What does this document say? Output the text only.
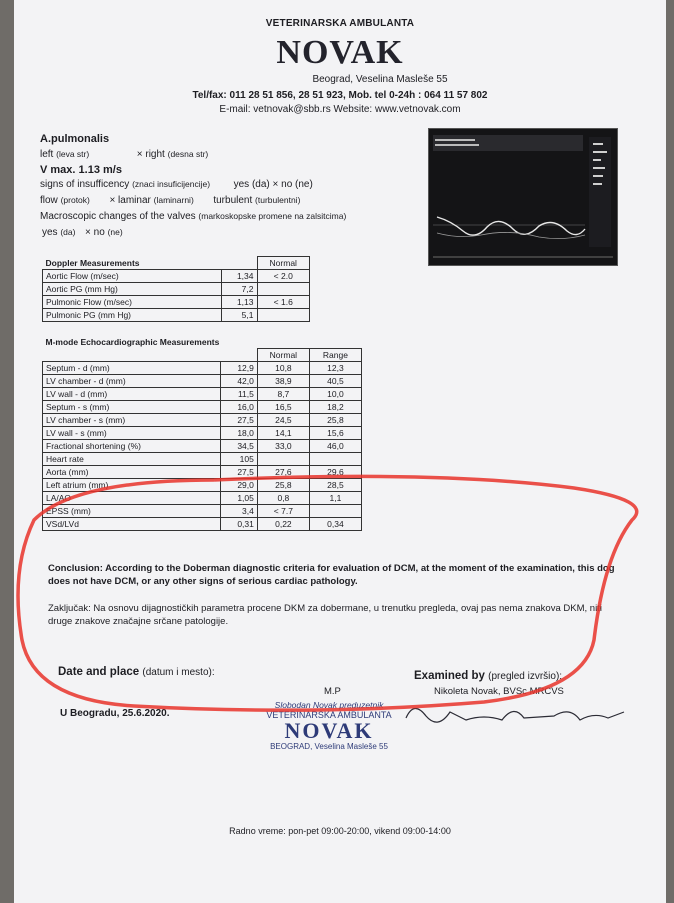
VETERINARSKA AMBULANTA
NOVAK
Beograd, Veselina Masleše 55
Tel/fax: 011 28 51 856, 28 51 923, Mob. tel 0-24h : 064 11 57 802
E-mail: vetnovak@sbb.rs Website: www.vetnovak.com
A.pulmonalis
left (leva str)	× right (desna str)
V max. 1.13 m/s
signs of insufficency (znaci insuficijencije) yes (da) × no (ne)
flow (protok) × laminar (laminarni) turbulent (turbulentni)
Macroscopic changes of the valves (markoskopske promene na zalsitcima)
yes (da) × no (ne)
Doppler Measurements		Normal
Aortic Flow (m/sec)	1,34	< 2.0
Aortic PG (mm Hg)	7,2	
Pulmonic Flow (m/sec)	1,13	< 1.6
Pulmonic PG (mm Hg)	5,1	
M-mode Echocardiographic Measurements			
		Normal	Range
Septum - d (mm)	12,9	10,8	12,3
LV chamber - d (mm)	42,0	38,9	40,5
LV wall - d (mm)	11,5	8,7	10,0
Septum - s (mm)	16,0	16,5	18,2
LV chamber - s (mm)	27,5	24,5	25,8
LV wall - s (mm)	18,0	14,1	15,6
Fractional shortening (%)	34,5	33,0	46,0
Heart rate	105		
Aorta (mm)	27,5	27,6	29,6
Left atrium (mm)	29,0	25,8	28,5
LA/AO	1,05	0,8	1,1
EPSS (mm)	3,4	< 7.7	
VSd/LVd	0,31	0,22	0,34
Conclusion: According to the Doberman diagnostic criteria for evaluation of DCM, at the moment of the examination, this dog does not have DCM, or any other signs of serious cardiac pathology.
Zaključak: Na osnovu dijagnostičkih parametra procene DKM za dobermane, u trenutku pregleda, ovaj pas nema znakova DKM, niti druge znakove značajne srčane patologije.
Date and place (datum i mesto):	Examined by (pregled izvršio):
M.P	Nikoleta Novak, BVSc MRCVS
U Beogradu, 25.6.2020.
Slobodan Novak preduzetnik
VETERINARSKA AMBULANTA
NOVAK
BEOGRAD, Veselina Masleše 55
Radno vreme: pon-pet 09:00-20:00, vikend 09:00-14:00
